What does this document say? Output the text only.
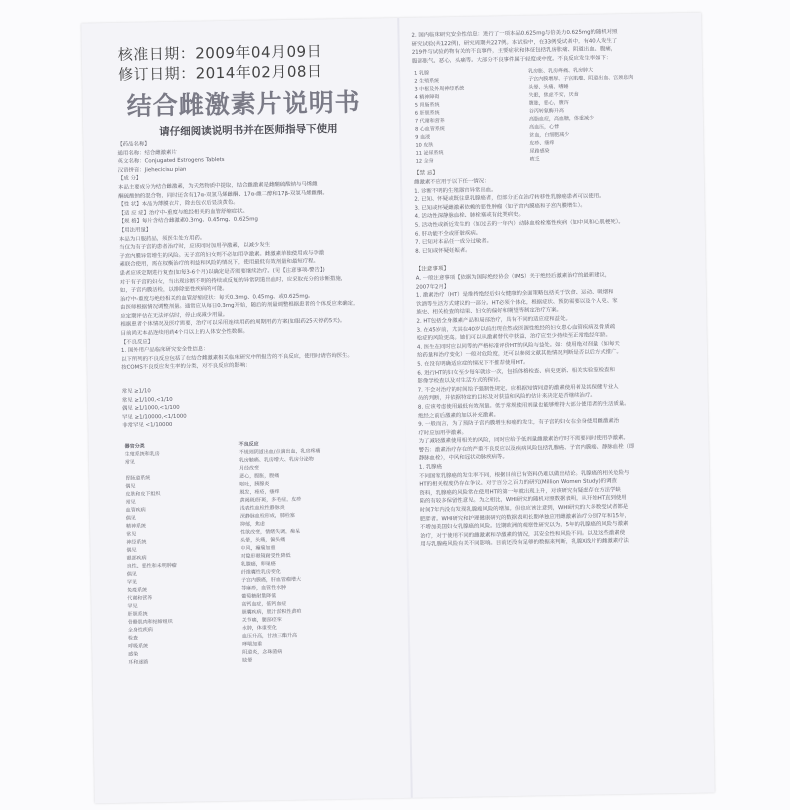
核准日期：2009年04月09日
修订日期：2014年02月08日
结合雌激素片说明书
请仔细阅读说明书并在医师指导下使用
【药品名称】
通用名称：结合雌激素片
英文名称：Conjugated Estrogens Tablets
汉语拼音：Jiehecicisu pian
【成 分】
本品主要成分为结合雌激素，为天然物质中提取，结合雌激素是雌酮硫酸钠与马烯雌
酮硫酸钠的混合物，同时还含有17α-双氢马烯雌酮、17α-雌二醇和17β-双氢马烯雌酮。
【性 状】本品为薄膜衣片，除去包衣后显淡黄色。
【适 应 症】治疗中-重度与绝经相关的血管舒缩症状。
【规 格】每片含结合雌激素0.3mg、0.45mg、0.625mg
【用法用量】
本品为口服药品，须医生处方用药。
当仅为有子宫的患者治疗时，应该同时加用孕激素，以减少发生
子宫内膜异常增生的风险。无子宫的妇女则不必加用孕激素。雌激素单独使用或与孕激
素联合使用，需在权衡治疗的利益和风险的情况下，使用最低有效剂量和最短疗程。
患者应该定期进行复查(如每3-6个月)以确定是否需要继续治疗。(见【注意事项-警告】)
对于有子宫的妇女，当出现诊断不明的持续或反复的异常阴道出血时，应采取充分的诊断措施，
如，子宫内膜活检，以排除恶性疾病的可能。
治疗中-重度与绝经相关的血管舒缩症状：每天0.3mg、0.45mg、或0.625mg。
由医师根据情况调整剂量。通常应从每日0.3mg开始，随后的剂量调整根据患者的个体反应来确定，
应定期评估在无法评估时，停止或减少用量。
根据患者个体情况及医疗需要，治疗可以采用连续用药的周期用药方案(如服药25天停药5天)。
目前尚无本品连续用药4个月以上的人体安全性数据。
【不良反应】
1. 国外用户品临床研究安全性信息：
以下所列的不良反应包括了在结合雌激素相关临床研究中所报告的不良反应，使用时请咨询医生。
按COMS不良反应发生率的分类，对不良反应的影响：
常见 ≥1/10
常见 ≥1/100,<1/10
偶见 ≥1/1000,<1/100
罕见 ≥1/10000,<1/1000
非常罕见 <1/10000
器官分类	不良反应
生殖系统和乳房	不规则阴道出血/点滴出血，乳房疼痛
常见	乳房触痛、乳房增大、乳房分泌物
	月经改变
胃肠道系统	恶心，腹胀，腹痛
偶见	呕吐，胰腺炎
皮肤和皮下组织	脱发，痤疮，瘙痒
常见	黄褐斑/肝斑，多毛症，皮疹
血管疾病	浅表性血栓性静脉炎
偶见	深静脉血栓形成，肺栓塞
精神系统	抑郁，焦虑
常见	性欲改变，情绪失调，痴呆
神经系统	头晕，头痛，偏头痛
偶见	中风，癫痫加重
眼部疾病	对隐形眼镜耐受性降低
良性、恶性和未明肿瘤	乳腺癌，卵巢癌
偶见	纤维囊性乳房变化
罕见	子宫内膜癌，肝血管瘤增大
免疫系统	荨麻疹，血管性水肿
代谢和营养	葡萄糖耐量降低
罕见	高钙血症，低钙血症
肝胆系统	胆囊疾病，胆汁淤积性黄疸
骨骼肌肉和结缔组织	关节痛，腿部痉挛
全身性疾病	水肿，体重变化
检查	血压升高，甘油三酯升高
呼吸系统	哮喘加重
感染	阴道炎，念珠菌病
耳和迷路	眩晕
2. 国内临床研究安全性信息：进行了一项本品0.625mg与倍美力0.625mg的随机对照
研究试验(共122例)，研究周期共227例。本试验中，在33例受试者中，有40人发生了
219件与试验药物有关的不良事件，主要症状和体征包括乳房胀痛、阴道出血、腹痛，
腹部胀气、恶心，头痛等。大部分不良事件属于轻度或中度。不良反应发生率如下：
1 乳腺	乳房胀、乳房疼痛、乳房肿大
2 生殖系统	子宫内膜增厚、子宫肌瘤、阴道出血、宫颈息肉
3 中枢及外周神经系统	头晕、头痛、嗜睡
4 精神障碍	失眠，焦虑不安，厌食
5 胃肠系统	腹胀，恶心，腹泻
6 肝胆系统	谷丙转氨酶升高
7 代谢和营养	高脂血症，高血糖，体重减少
8 心血管系统	高血压，心悸
9 血液	贫血，白细胞减少
10 皮肤	皮疹、瘙痒
11 泌尿系统	尿路感染
12 全身	疲乏
【禁 忌】
雌激素不应用于以下任一情况：
1. 诊断不明的生殖器官异常出血。
2. 已知、怀疑或既往患乳腺癌者，但部分正在治疗转移性乳腺癌患者可以使用。
3. 已知或怀疑雌激素依赖的恶性肿瘤（如子宫内膜癌和子宫内膜增生）。
4. 活动性深静脉血栓、肺栓塞或有此类病史。
5. 活动性或新近发生的（如过去的一年内）动脉血栓栓塞性疾病（如中风和心肌梗死）。
6. 肝功能不全或肝脏疾病。
7. 已知对本品任一成分过敏者。
8. 已知或怀疑妊娠者。
【注意事项】
A. 一般注意事项【依据为国际绝经协会（IMS）关于绝经后激素治疗的最新建议，
2007年2月】
1. 激素治疗（HT）是维持绝经后妇女健康的全面策略包括关于饮食、运动、吸烟和
饮酒等生活方式建议的一部分。HT必须个体化，根据症状、预防需要以及个人史、家
族史、相关检查的结果、妇女的偏好和期望等制定治疗方案。
2. HT包括全身激素产品和局部治疗，具有不同的适应症和益处。
3. 在45岁前，尤其在40岁以前出现自然或医源性绝经的妇女患心血管疾病及骨质疏
松症的风险更高。她们可以从激素替代中获益，治疗应至少持续至正常绝经年龄。
4. 医生在同时应以同等的严格标准评价HT的风险与益处。如：使用绝对剂量（如每天
给药量和治疗变化）一般对危险度，还可以参阅文献其他情况判断是否以后方式推广。
5. 在没有明确适应症的情况下不推荐使用HT。
6. 进行HT的妇女至少每年就诊一次，包括体格检查、病史更新、相关实验室检查和
影像学检查以及对生活方式的探讨。
7. 不会对治疗的时间给予强制性规定。应根据知情同意的激素使用者及其保健专业人
员的判断，并依据特定的目标及对获益和风险的估计来决定是否继续治疗。
8. 应该考虑使用最低有效剂量。低于常规使用剂量也能够维持大部分使用者的生活质量。
绝经之前后激素的加以补充激素。
9. 一般而言，为了预防子宫内膜增生和癌的发生，有子宫的妇女在全身使用雌激素治
疗时应加用孕激素。
为了减轻激素使用相关的风险，同时应给予低剂量雌激素治疗时不需要同时使用孕激素。
警告：激素治疗存在的严重不良反应以及疾病风险包括乳腺癌、子宫内膜癌、静脉血栓（即
静脉血栓），中风和冠状动脉疾病等。
1. 乳腺癌
不同国家乳腺癌的发生率不同，根据目前已有资料仍难以做出结论。乳腺癌的相关危险与
HT的相关程度仍存在争议。对于百分之百力的研究(Million Women Study)的调查
资料，乳腺癌的风险常在使用HT的第一年就出现上升，对该研究有疑虑存在方法学缺
陷的有较多保留性意见。为之相比，WHI研究的随机对照数据表明，从开始HT直到使用
时间7年内没有发现乳腺癌风险的增加。但也应该注意到，WHI研究的大多数受试者都是
肥胖者。WHI研究和护理健康研究的数据表明长期单独应用雌激素治疗分别7年和15年，
不增加美国妇女乳腺癌的风险。近期欧洲的观察性研究以为，5年的乳腺癌的风险与激素
治疗，对于使用不同的雌激素和孕激素的情况，其安全性和风险不同。以及这些激素使
用与乳腺癌风险有关不同影响。目前还没有足够的数据来判断，乳腺X线片的雌激素疗法
